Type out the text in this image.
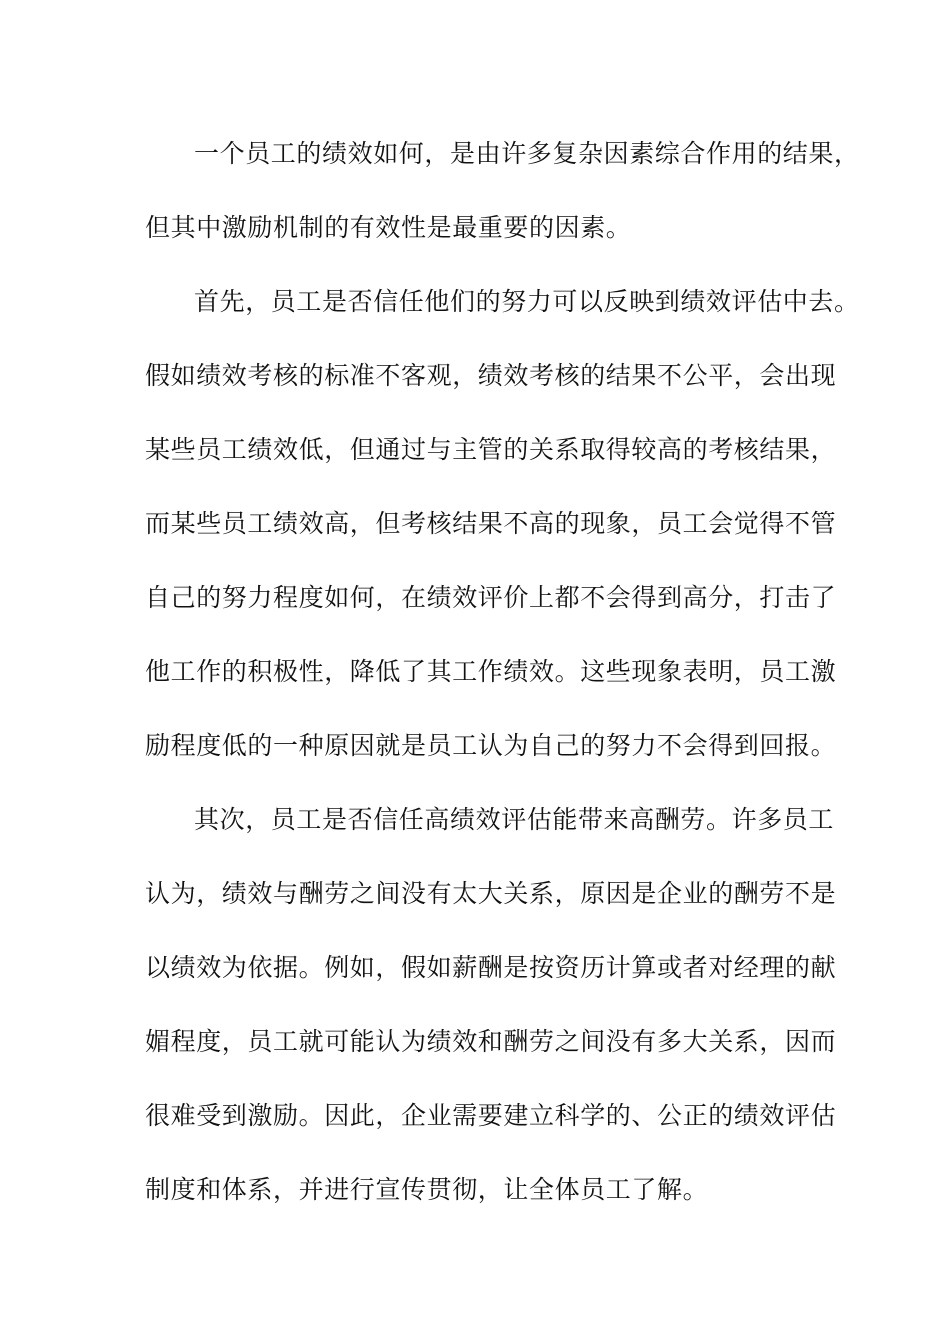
一个员工的绩效如何，是由许多复杂因素综合作用的结果，
但其中激励机制的有效性是最重要的因素。
首先，员工是否信任他们的努力可以反映到绩效评估中去。
假如绩效考核的标准不客观，绩效考核的结果不公平，会出现
某些员工绩效低，但通过与主管的关系取得较高的考核结果，
而某些员工绩效高，但考核结果不高的现象，员工会觉得不管
自己的努力程度如何，在绩效评价上都不会得到高分，打击了
他工作的积极性，降低了其工作绩效。这些现象表明，员工激
励程度低的一种原因就是员工认为自己的努力不会得到回报。
其次，员工是否信任高绩效评估能带来高酬劳。许多员工
认为，绩效与酬劳之间没有太大关系，原因是企业的酬劳不是
以绩效为依据。例如，假如薪酬是按资历计算或者对经理的献
媚程度，员工就可能认为绩效和酬劳之间没有多大关系，因而
很难受到激励。因此，企业需要建立科学的、公正的绩效评估
制度和体系，并进行宣传贯彻，让全体员工了解。
